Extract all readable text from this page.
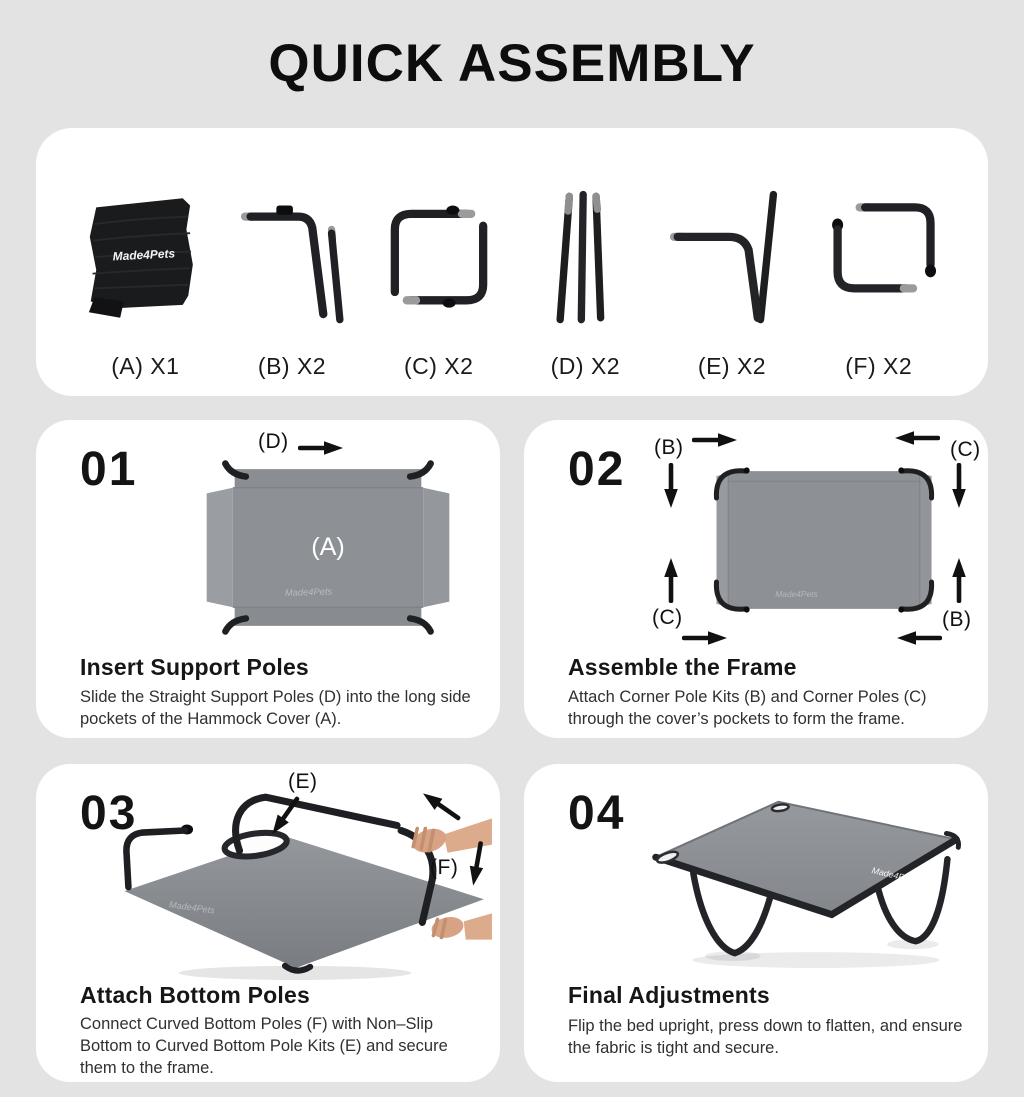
QUICK ASSEMBLY
Made4Pets
(A) X1	(B) X2	(C) X2	(D) X2	(E) X2	(F) X2
01
Made4Pets
(A)
(D)
Insert Support Poles

Slide the Straight Support Poles (D) into the long side pockets of the Hammock Cover (A).

02
Made4Pets
(B)	(C)
(C)	(B)
Assemble the Frame

Attach Corner Pole Kits (B) and Corner Poles (C) through the cover’s pockets to form the frame.

03
Made4Pets
(E)
(F)
Attach Bottom Poles

Connect Curved Bottom Poles (F) with Non–Slip Bottom to Curved Bottom Pole Kits (E) and secure them to the frame.

04
Made4Pets
Final Adjustments

Flip the bed upright, press down to flatten, and ensure the fabric is tight and secure.
